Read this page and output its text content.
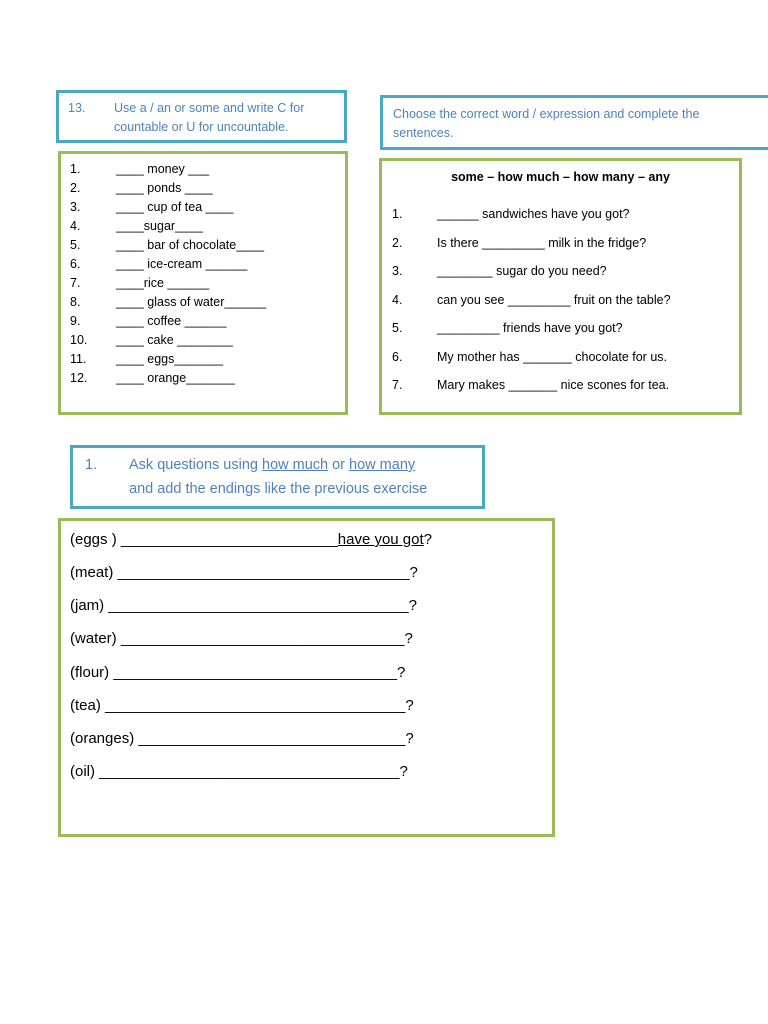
13. Use a / an or some and write C for countable or U for uncountable.
1.	____ money ___
2.	____ ponds ____
3.	____ cup of tea ____
4.	____sugar____
5.	____ bar of chocolate____
6.	____ ice-cream ______
7.	____rice ______
8.	____ glass of water______
9.	____ coffee ______
10. ____ cake ________
11. ____ eggs_______
12. ____ orange_______
Choose the correct word / expression and complete the sentences.
some – how much – how many – any
1.	______ sandwiches have you got?
2.	Is there _________ milk in the fridge?
3.	________ sugar do you need?
4.	can you see _________ fruit on the table?
5.	_________ friends have you got?
6.	My mother has _______ chocolate for us.
7.	Mary makes _______ nice scones for tea.
1. Ask questions using how much or how many
and add the endings like the previous exercise
(eggs ) __________________________have you got?
(meat) ___________________________________?
(jam) ____________________________________?
(water) __________________________________?
(flour) __________________________________?
(tea) ____________________________________?
(oranges) ________________________________?
(oil) ____________________________________?
